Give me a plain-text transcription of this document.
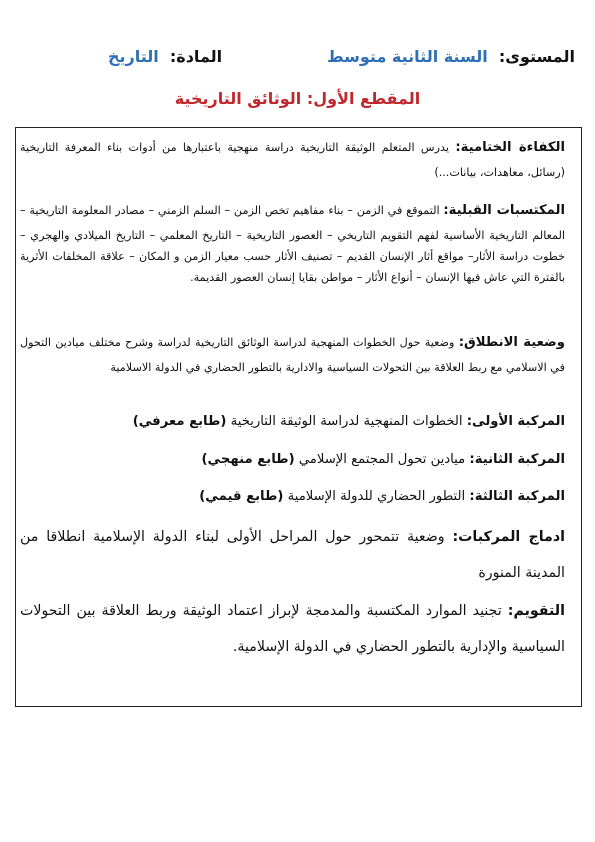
المستوى: السنة الثانية متوسط
المادة: التاريخ
المقطع الأول: الوثائق التاريخية
الكفاءة الختامية: يدرس المتعلم الوثيقة التاريخية دراسة منهجية باعتبارها من أدوات بناء المعرفة التاريخية (رسائل، معاهدات، بيانات...)
المكتسبات القبلية: التموقع في الزمن – بناء مفاهيم تخص الزمن – السلم الزمني – مصادر المعلومة التاريخية – المعالم التاريخية الأساسية لفهم التقويم التاريخي – العصور التاريخية – التاريخ المعلمي – التاريخ الميلادي والهجري – خطوت دراسة الأثار– مواقع أثار الإنسان القديم – تصنيف الأثار حسب معيار الزمن و المكان – علاقة المخلفات الأثرية بالفترة التي عاش فيها الإنسان – أنواع الأثار – مواطن بقايا إنسان العصور القديمة.
وضعية الانطلاق: وضعية حول الخطوات المنهجية لدراسة الوثائق التاريخية لدراسة وشرح مختلف ميادين التحول في الاسلامي مع ربط العلاقة بين التحولات السياسية والادارية بالتطور الحضاري في الدولة الاسلامية
المركبة الأولى: الخطوات المنهجية لدراسة الوثيقة التاريخية (طابع معرفي)
المركبة الثانية: ميادين تحول المجتمع الإسلامي (طابع منهجي)
المركبة الثالثة: التطور الحضاري للدولة الإسلامية (طابع قيمي)
ادماج المركبات: وضعية تتمحور حول المراحل الأولى لبناء الدولة الإسلامية انطلاقا من المدينة المنورة
التقويم: تجنيد الموارد المكتسبة والمدمجة لإبراز اعتماد الوثيقة وربط العلاقة بين التحولات السياسية والإدارية بالتطور الحضاري في الدولة الإسلامية.
